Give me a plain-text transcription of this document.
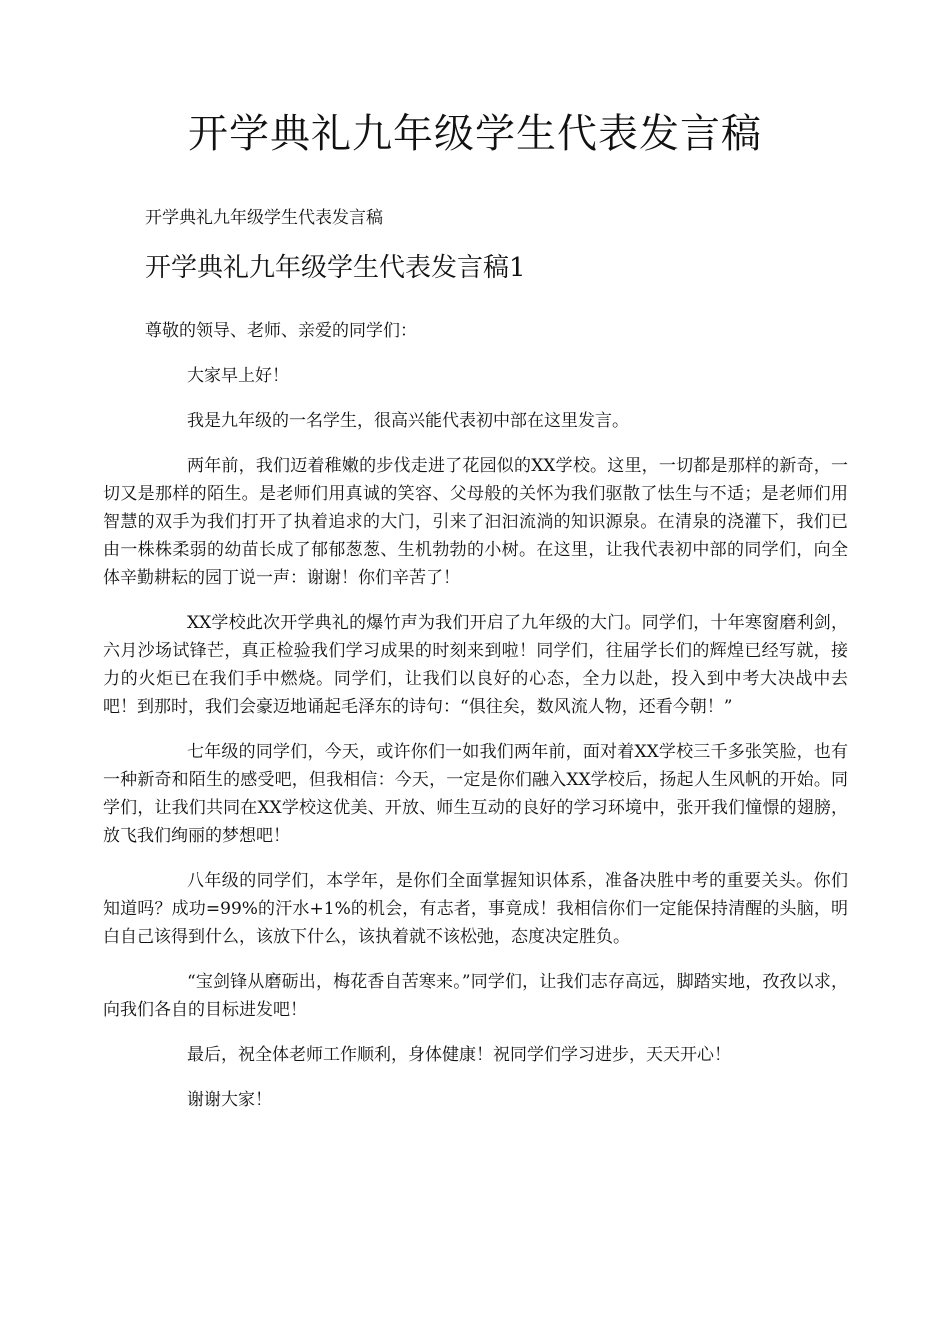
开学典礼九年级学生代表发言稿
开学典礼九年级学生代表发言稿
开学典礼九年级学生代表发言稿1
尊敬的领导、老师、亲爱的同学们：

大家早上好！

我是九年级的一名学生，很高兴能代表初中部在这里发言。

两年前，我们迈着稚嫩的步伐走进了花园似的XX学校。这里，一切都是那样的新奇，一切又是那样的陌生。是老师们用真诚的笑容、父母般的关怀为我们驱散了怯生与不适；是老师们用智慧的双手为我们打开了执着追求的大门，引来了汩汩流淌的知识源泉。在清泉的浇灌下，我们已由一株株柔弱的幼苗长成了郁郁葱葱、生机勃勃的小树。在这里，让我代表初中部的同学们，向全体辛勤耕耘的园丁说一声：谢谢！你们辛苦了！

XX学校此次开学典礼的爆竹声为我们开启了九年级的大门。同学们，十年寒窗磨利剑，六月沙场试锋芒，真正检验我们学习成果的时刻来到啦！同学们，往届学长们的辉煌已经写就，接力的火炬已在我们手中燃烧。同学们，让我们以良好的心态，全力以赴，投入到中考大决战中去吧！到那时，我们会豪迈地诵起毛泽东的诗句：“俱往矣，数风流人物，还看今朝！”

七年级的同学们，今天，或许你们一如我们两年前，面对着XX学校三千多张笑脸，也有一种新奇和陌生的感受吧，但我相信：今天，一定是你们融入XX学校后，扬起人生风帆的开始。同学们，让我们共同在XX学校这优美、开放、师生互动的良好的学习环境中，张开我们憧憬的翅膀，放飞我们绚丽的梦想吧！

八年级的同学们，本学年，是你们全面掌握知识体系，准备决胜中考的重要关头。你们知道吗？成功=99%的汗水+1%的机会，有志者，事竟成！我相信你们一定能保持清醒的头脑，明白自己该得到什么，该放下什么，该执着就不该松弛，态度决定胜负。

“宝剑锋从磨砺出，梅花香自苦寒来。”同学们，让我们志存高远，脚踏实地，孜孜以求，向我们各自的目标进发吧！

最后，祝全体老师工作顺利，身体健康！祝同学们学习进步，天天开心！

谢谢大家！
